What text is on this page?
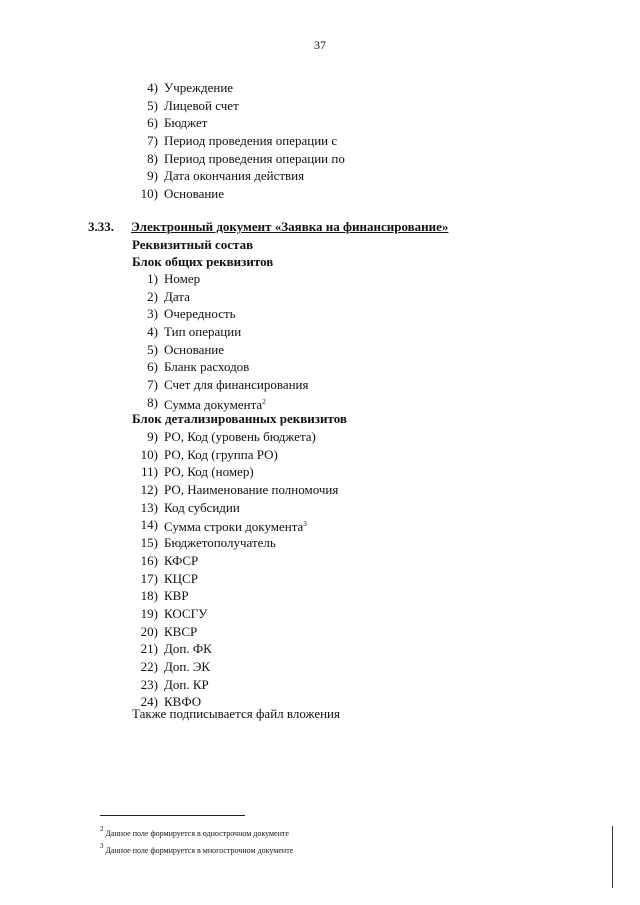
37
4) Учреждение
5) Лицевой счет
6) Бюджет
7) Период проведения операции с
8) Период проведения операции по
9) Дата окончания действия
10) Основание
3.33. Электронный документ «Заявка на финансирование»
Реквизитный состав
Блок общих реквизитов
1) Номер
2) Дата
3) Очередность
4) Тип операции
5) Основание
6) Бланк расходов
7) Счет для финансирования
8) Сумма документа$^2$
Блок детализированных реквизитов
9) РО, Код (уровень бюджета)
10) РО, Код (группа РО)
11) РО, Код (номер)
12) РО, Наименование полномочия
13) Код субсидии
14) Сумма строки документа$^3$
15) Бюджетополучатель
16) КФСР
17) КЦСР
18) КВР
19) КОСГУ
20) КВСР
21) Доп. ФК
22) Доп. ЭК
23) Доп. КР
24) КВФО
Также подписывается файл вложения
$^2$ Данное поле формируется в однострочном документе
$^3$ Данное поле формируется в многострочном документе
